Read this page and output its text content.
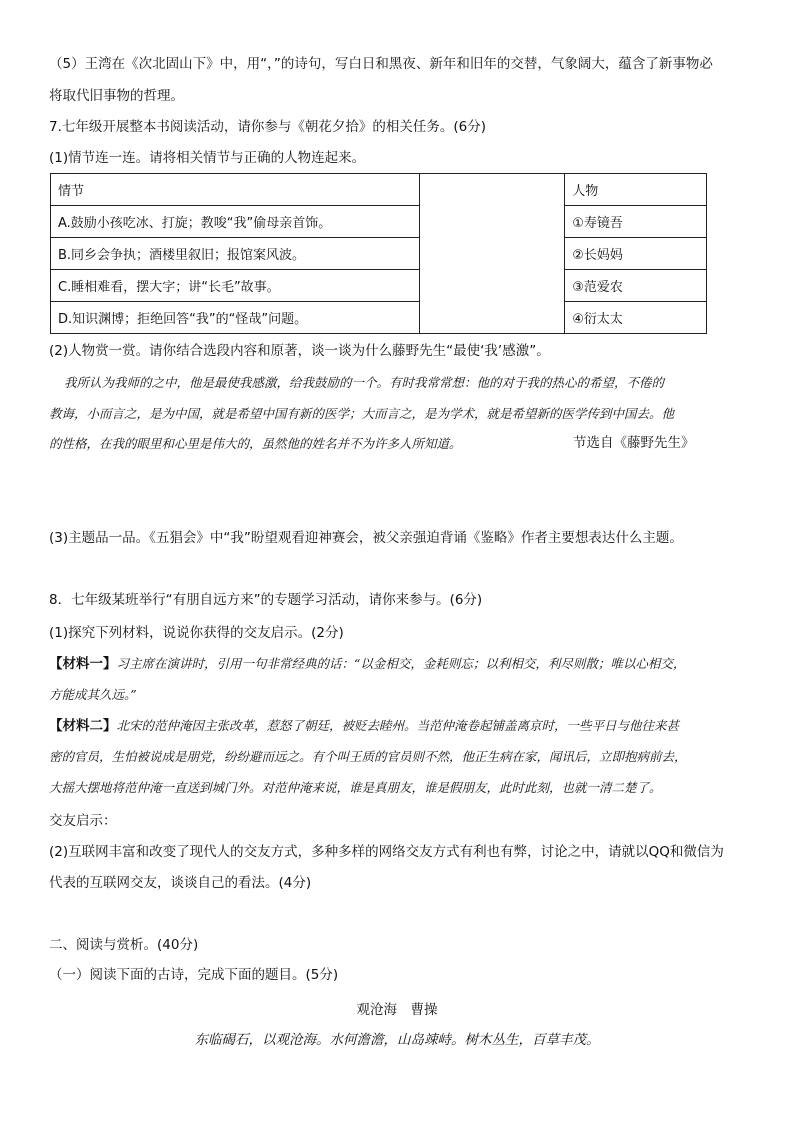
（5）王湾在《次北固山下》中，用“，”的诗句，写白日和黑夜、新年和旧年的交替，气象阔大，蕴含了新事物必
将取代旧事物的哲理。
7.七年级开展整本书阅读活动，请你参与《朝花夕拾》的相关任务。(6分)
(1)情节连一连。请将相关情节与正确的人物连起来。
情节		人物
A.鼓励小孩吃冰、打旋；教唆“我”偷母亲首饰。		①寿镜吾
B.同乡会争执；酒楼里叙旧；报馆案风波。		②长妈妈
C.睡相难看，摆大字；讲“长毛”故事。		③范爱农
D.知识渊博；拒绝回答“我”的“怪哉”问题。		④衍太太
(2)人物赏一赏。请你结合选段内容和原著，谈一谈为什么藤野先生“最使‘我’感激”。
我所认为我师的之中，他是最使我感激，给我鼓励的一个。有时我常常想：他的对于我的热心的希望，不倦的
教诲，小而言之，是为中国，就是希望中国有新的医学；大而言之，是为学术，就是希望新的医学传到中国去。他
的性格，在我的眼里和心里是伟大的，虽然他的姓名并不为许多人所知道。	节选自《藤野先生》
(3)主题品一品。《五猖会》中“我”盼望观看迎神赛会，被父亲强迫背诵《鉴略》作者主要想表达什么主题。
8．七年级某班举行“有朋自远方来”的专题学习活动，请你来参与。(6分)
(1)探究下列材料，说说你获得的交友启示。(2分)
【材料一】习主席在演讲时，引用一句非常经典的话：“以金相交，金耗则忘；以利相交，利尽则散；唯以心相交，
方能成其久远。”
【材料二】北宋的范仲淹因主张改革，惹怒了朝廷，被贬去睦州。当范仲淹卷起铺盖离京时，一些平日与他往来甚
密的官员，生怕被说成是朋党，纷纷避而远之。有个叫王质的官员则不然，他正生病在家，闻讯后，立即抱病前去，
大摇大摆地将范仲淹一直送到城门外。对范仲淹来说，谁是真朋友，谁是假朋友，此时此刻，也就一清二楚了。
交友启示：
(2)互联网丰富和改变了现代人的交友方式，多种多样的网络交友方式有利也有弊，讨论之中，请就以QQ和微信为
代表的互联网交友，谈谈自己的看法。(4分)
二、阅读与赏析。(40分)
（一）阅读下面的古诗，完成下面的题目。(5分)
观沧海　曹操
东临碣石，以观沧海。水何澹澹，山岛竦峙。树木丛生，百草丰茂。
